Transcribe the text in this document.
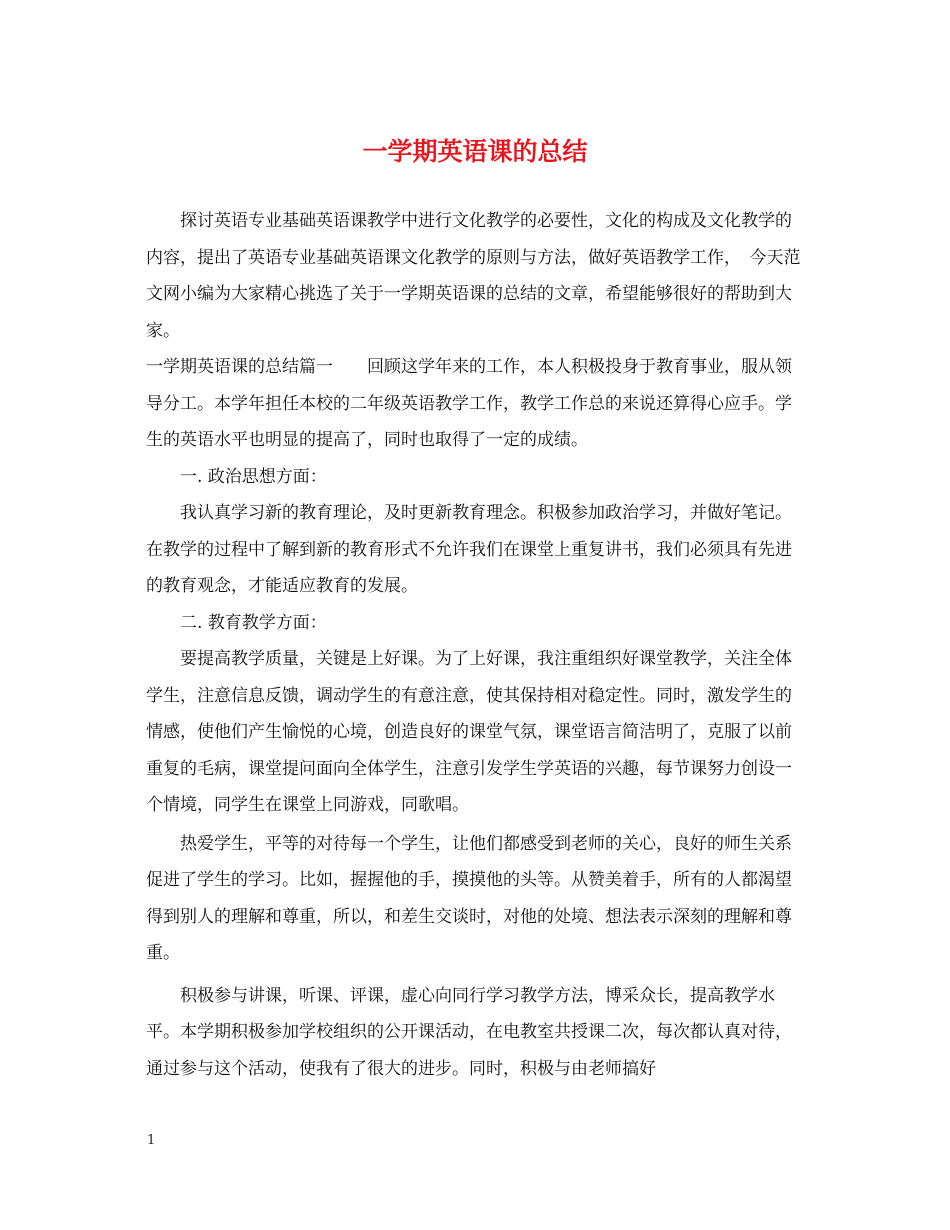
一学期英语课的总结

探讨英语专业基础英语课教学中进行文化教学的必要性，文化的构成及文化教学的内容，提出了英语专业基础英语课文化教学的原则与方法，做好英语教学工作，　今天范文网小编为大家精心挑选了关于一学期英语课的总结的文章，希望能够很好的帮助到大家。

一学期英语课的总结篇一　　回顾这学年来的工作，本人积极投身于教育事业，服从领导分工。本学年担任本校的二年级英语教学工作，教学工作总的来说还算得心应手。学生的英语水平也明显的提高了，同时也取得了一定的成绩。

一. 政治思想方面：

我认真学习新的教育理论，及时更新教育理念。积极参加政治学习，并做好笔记。在教学的过程中了解到新的教育形式不允许我们在课堂上重复讲书，我们必须具有先进的教育观念，才能适应教育的发展。

二. 教育教学方面：

要提高教学质量，关键是上好课。为了上好课，我注重组织好课堂教学，关注全体学生，注意信息反馈，调动学生的有意注意，使其保持相对稳定性。同时，激发学生的情感，使他们产生愉悦的心境，创造良好的课堂气氛，课堂语言简洁明了，克服了以前重复的毛病，课堂提问面向全体学生，注意引发学生学英语的兴趣，每节课努力创设一个情境，同学生在课堂上同游戏，同歌唱。

热爱学生，平等的对待每一个学生，让他们都感受到老师的关心，良好的师生关系促进了学生的学习。比如，握握他的手，摸摸他的头等。从赞美着手，所有的人都渴望得到别人的理解和尊重，所以，和差生交谈时，对他的处境、想法表示深刻的理解和尊重。

积极参与讲课，听课、评课，虚心向同行学习教学方法，博采众长，提高教学水平。本学期积极参加学校组织的公开课活动，在电教室共授课二次，每次都认真对待，通过参与这个活动，使我有了很大的进步。同时，积极与由老师搞好

1
